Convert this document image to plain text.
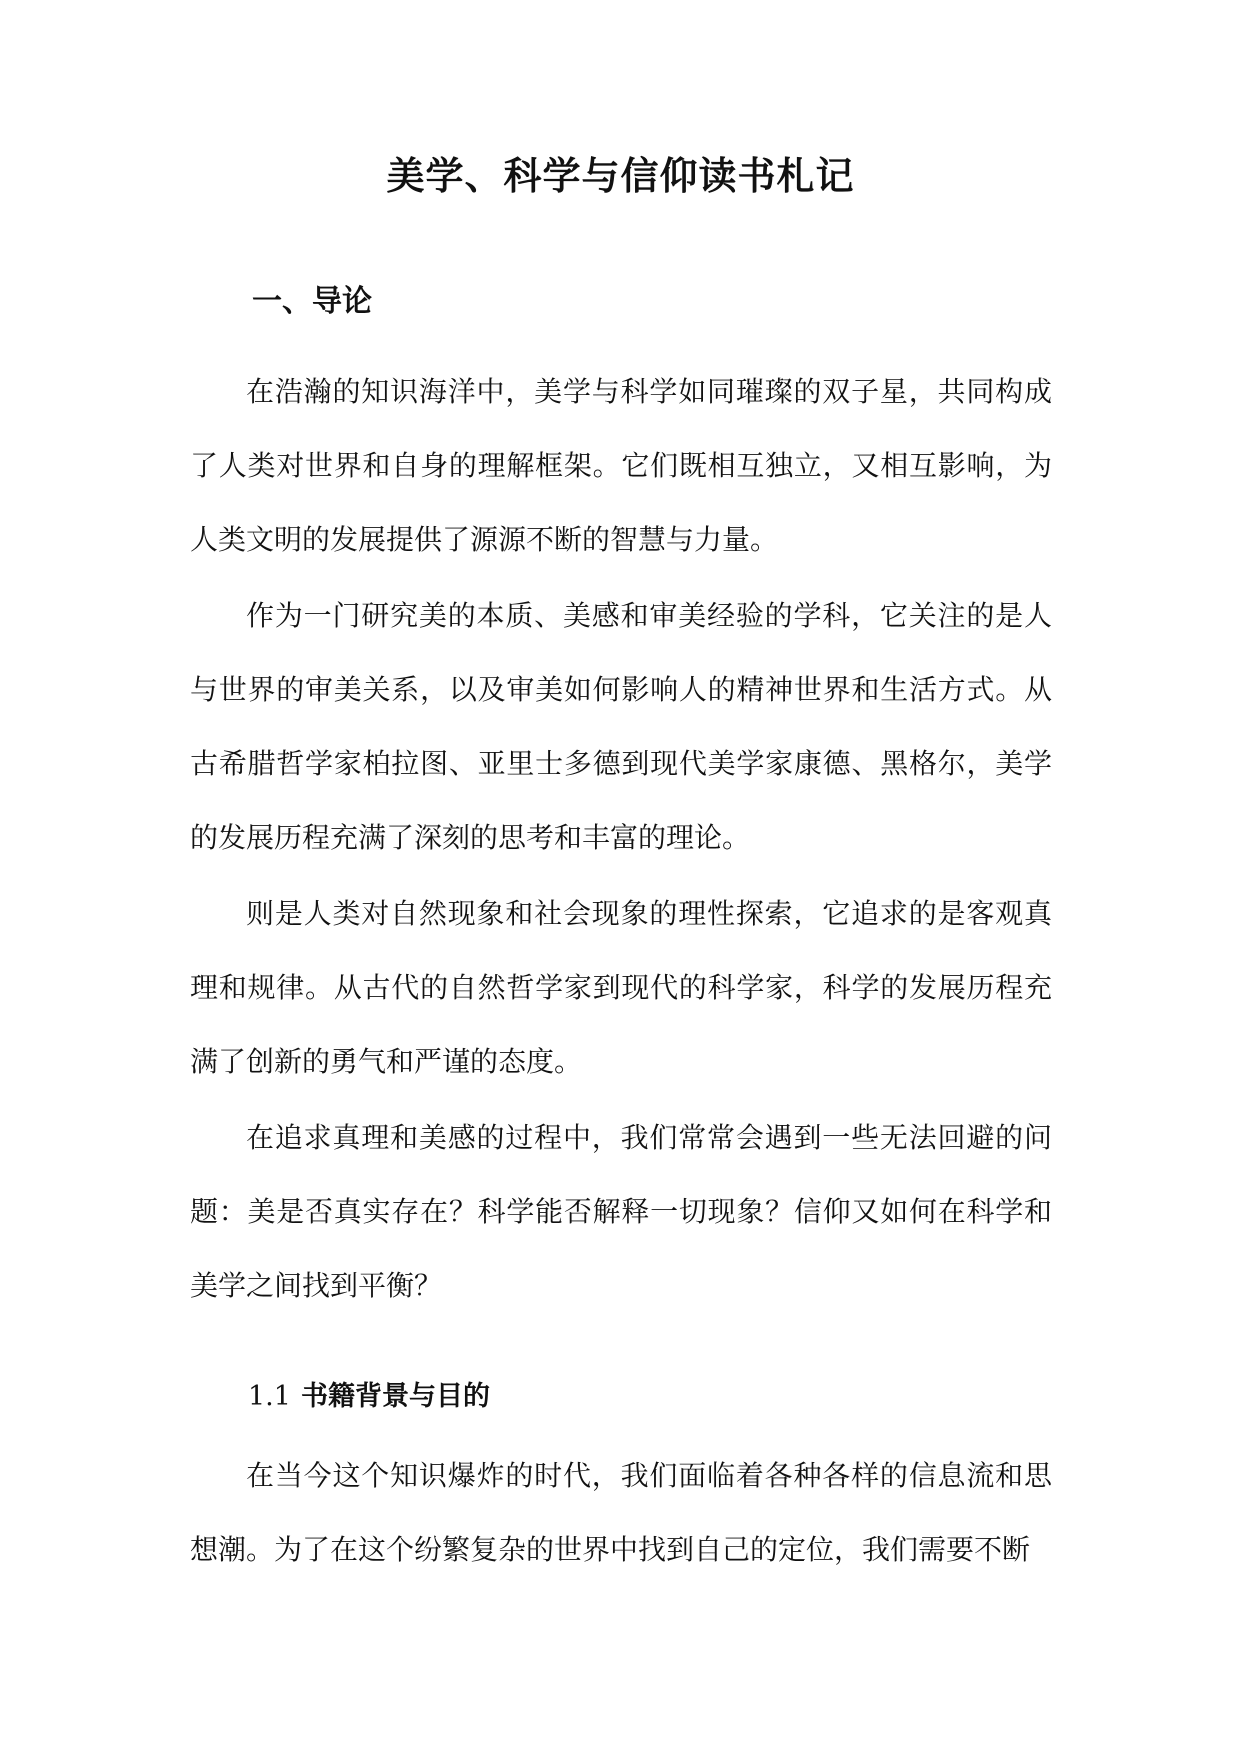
美学、科学与信仰读书札记
一、导论

在浩瀚的知识海洋中，美学与科学如同璀璨的双子星，共同构成了人类对世界和自身的理解框架。它们既相互独立，又相互影响，为人类文明的发展提供了源源不断的智慧与力量。

作为一门研究美的本质、美感和审美经验的学科，它关注的是人与世界的审美关系，以及审美如何影响人的精神世界和生活方式。从古希腊哲学家柏拉图、亚里士多德到现代美学家康德、黑格尔，美学的发展历程充满了深刻的思考和丰富的理论。

则是人类对自然现象和社会现象的理性探索，它追求的是客观真理和规律。从古代的自然哲学家到现代的科学家，科学的发展历程充满了创新的勇气和严谨的态度。

在追求真理和美感的过程中，我们常常会遇到一些无法回避的问题：美是否真实存在？科学能否解释一切现象？信仰又如何在科学和美学之间找到平衡？

1.1 书籍背景与目的

在当今这个知识爆炸的时代，我们面临着各种各样的信息流和思想潮。为了在这个纷繁复杂的世界中找到自己的定位，我们需要不断
